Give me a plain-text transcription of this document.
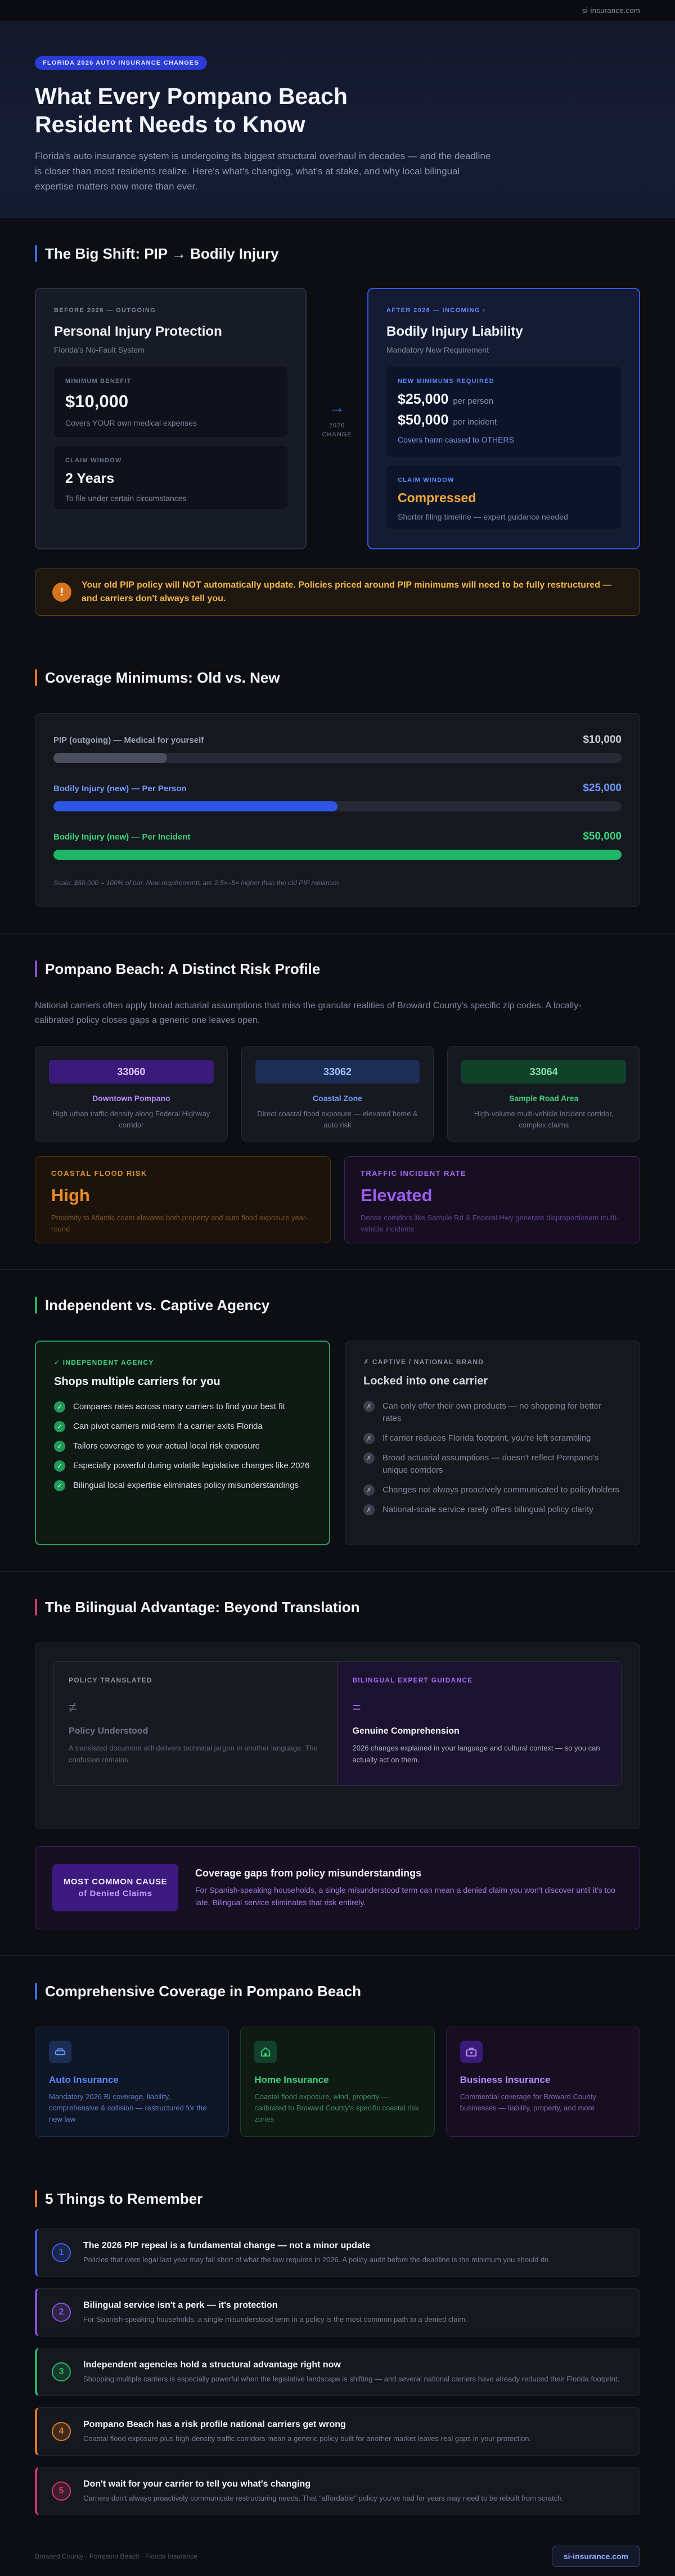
si-insurance.com
FLORIDA 2026 AUTO INSURANCE CHANGES
What Every Pompano Beach Resident Needs to Know

Florida's auto insurance system is undergoing its biggest structural overhaul in decades — and the deadline is closer than most residents realize. Here's what's changing, what's at stake, and why local bilingual expertise matters now more than ever.

The Big Shift: PIP → Bodily Injury
BEFORE 2026 — OUTGOING
Personal Injury Protection
Florida's No-Fault System
MINIMUM BENEFIT
$10,000
Covers YOUR own medical expenses
CLAIM WINDOW
2 Years
To file under certain circumstances
→
2026
CHANGE
AFTER 2026 — INCOMING ›
Bodily Injury Liability
Mandatory New Requirement
NEW MINIMUMS REQUIRED
$25,000 per person
$50,000 per incident
Covers harm caused to OTHERS
CLAIM WINDOW
Compressed
Shorter filing timeline — expert guidance needed
!

Your old PIP policy will NOT automatically update. Policies priced around PIP minimums will need to be fully restructured — and carriers don't always tell you.

Coverage Minimums: Old vs. New
PIP (outgoing) — Medical for yourself	$10,000
Bodily Injury (new) — Per Person	$25,000
Bodily Injury (new) — Per Incident	$50,000
Scale: $50,000 = 100% of bar. New requirements are 2.5×–5× higher than the old PIP minimum.
Pompano Beach: A Distinct Risk Profile

National carriers often apply broad actuarial assumptions that miss the granular realities of Broward County's specific zip codes. A locally-calibrated policy closes gaps a generic one leaves open.

33060
Downtown Pompano
High urban traffic density along Federal Highway corridor
33062
Coastal Zone
Direct coastal flood exposure — elevated home & auto risk
33064
Sample Road Area
High-volume multi-vehicle incident corridor, complex claims
COASTAL FLOOD RISK
High
Proximity to Atlantic coast elevates both property and auto flood exposure year-round
TRAFFIC INCIDENT RATE
Elevated
Dense corridors like Sample Rd & Federal Hwy generate disproportionate multi-vehicle incidents
Independent vs. Captive Agency
✓ INDEPENDENT AGENCY
Shops multiple carriers for you
✓	Compares rates across many carriers to find your best fit
✓	Can pivot carriers mid-term if a carrier exits Florida
✓	Tailors coverage to your actual local risk exposure
✓	Especially powerful during volatile legislative changes like 2026
✓	Bilingual local expertise eliminates policy misunderstandings
✗ CAPTIVE / NATIONAL BRAND
Locked into one carrier
✗	Can only offer their own products — no shopping for better rates
✗	If carrier reduces Florida footprint, you're left scrambling
✗	Broad actuarial assumptions — doesn't reflect Pompano's unique corridors
✗	Changes not always proactively communicated to policyholders
✗	National-scale service rarely offers bilingual policy clarity
The Bilingual Advantage: Beyond Translation
POLICY TRANSLATED
≠
Policy Understood
A translated document still delivers technical jargon in another language. The confusion remains.
BILINGUAL EXPERT GUIDANCE
=
Genuine Comprehension
2026 changes explained in your language and cultural context — so you can actually act on them.
MOST COMMON CAUSE
of Denied Claims
Coverage gaps from policy misunderstandings
For Spanish-speaking households, a single misunderstood term can mean a denied claim you won't discover until it's too late. Bilingual service eliminates that risk entirely.
Comprehensive Coverage in Pompano Beach
Auto Insurance
Mandatory 2026 BI coverage, liability, comprehensive & collision — restructured for the new law
Home Insurance
Coastal flood exposure, wind, property — calibrated to Broward County's specific coastal risk zones
Business Insurance
Commercial coverage for Broward County businesses — liability, property, and more
5 Things to Remember
1
The 2026 PIP repeal is a fundamental change — not a minor update
Policies that were legal last year may fall short of what the law requires in 2026. A policy audit before the deadline is the minimum you should do.
2
Bilingual service isn't a perk — it's protection
For Spanish-speaking households, a single misunderstood term in a policy is the most common path to a denied claim.
3
Independent agencies hold a structural advantage right now
Shopping multiple carriers is especially powerful when the legislative landscape is shifting — and several national carriers have already reduced their Florida footprint.
4
Pompano Beach has a risk profile national carriers get wrong
Coastal flood exposure plus high-density traffic corridors mean a generic policy built for another market leaves real gaps in your protection.
5
Don't wait for your carrier to tell you what's changing
Carriers don't always proactively communicate restructuring needs. That "affordable" policy you've had for years may need to be rebuilt from scratch.
Broward County · Pompano Beach · Florida Insurance	si-insurance.com
